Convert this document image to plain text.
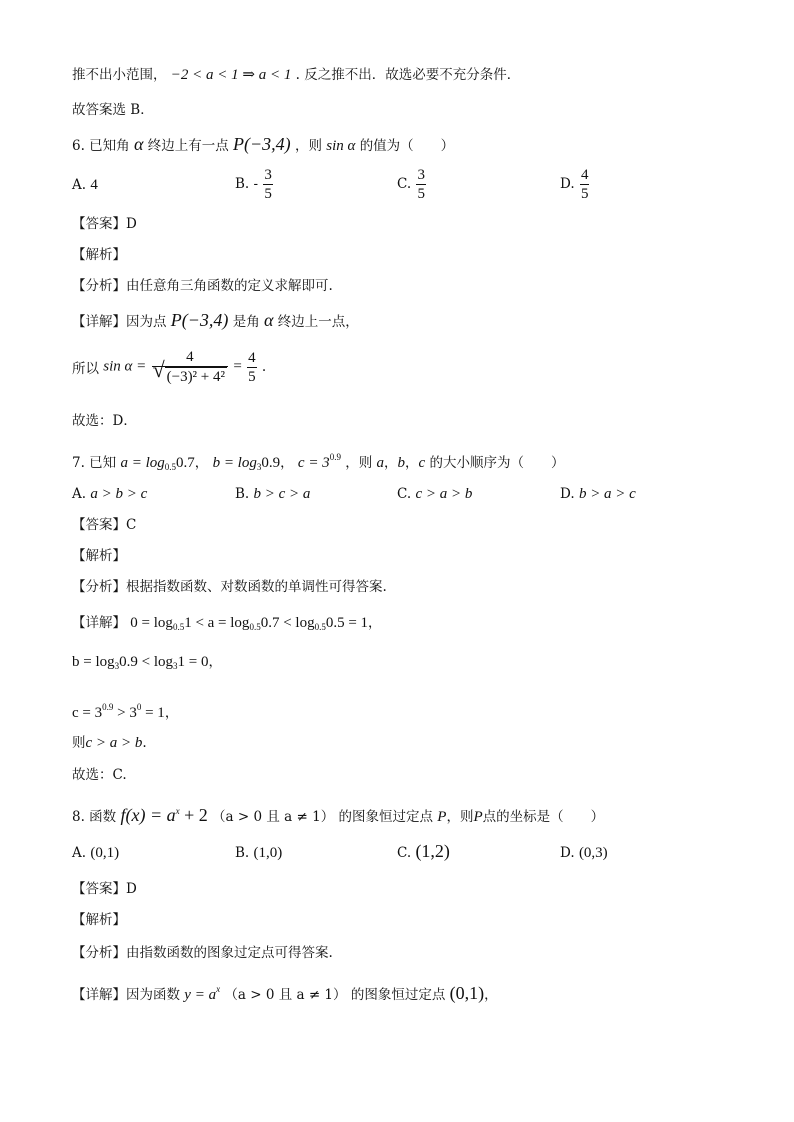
推不出小范围， −2 < a < 1 ⇒ a < 1 . 反之推不出．故选必要不充分条件．
故答案选 B．
6. 已知角 α 终边上有一点 P(−3,4) ，则 sin α 的值为（　　）
A. 4	B. - $\frac{3}{5}$	C. $\frac{3}{5}$	D. $\frac{4}{5}$
【答案】D
【解析】
【分析】由任意角三角函数的定义求解即可.
【详解】因为点 P(−3,4) 是角 α 终边上一点，
所以 $\sin \alpha = \frac{4}{\text{√ (−3)² + 4²}} = \frac{4}{5}$ .
故选：D．
7. 已知 $a = \log_{0.5}0.7$， $b = \log_30.9$， $c = 3^{0.9}$ ，则 a，b，c 的大小顺序为（　　）
A. a > b > c	B. b > c > a	C. c > a > b	D. b > a > c
【答案】C
【解析】
【分析】根据指数函数、对数函数的单调性可得答案.
【详解】 $0 = \log_{0.5}1 < a = \log_{0.5}0.7 < \log_{0.5}0.5 = 1$，
$b = \log_30.9 < \log_31 = 0$，
$c = 3^{0.9} > 3^0 = 1$，
则c > a > b.
故选：C.
8. 函数 $f(x) = a^x + 2$ （a > 0 且 a ≠ 1） 的图象恒过定点 P，则P点的坐标是（　　）
A. (0,1)	B. (1,0)	C. (1,2)	D. (0,3)
【答案】D
【解析】
【分析】由指数函数的图象过定点可得答案.
【详解】因为函数 $y = a^x$ （a > 0 且 a ≠ 1） 的图象恒过定点 (0,1)，
